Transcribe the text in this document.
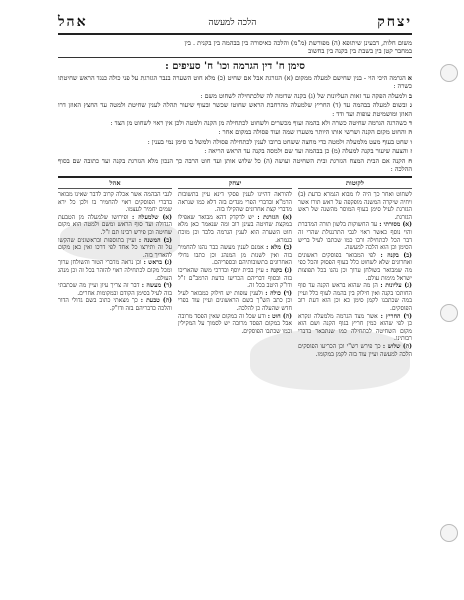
יצחק
הלכה למעשה
אהל
משום חלות, דבעינן שיתופא (ה) מפורשת (מ"מ) והלכה כאיסורה בין בבהמה בין בקנית . בין
במחבר קטן בין בשבת בין בקנה בין בחשוב
סימן ח' דין הגרמה וכו' ח' סעיפים :

א הגרמה היכי הוי - בנין שחישם למעלה ממקום (א) הגזרגת אבל אם שחיט (כ) מלא חוט השערה בנבר הגזרגת על פני כולה כנגד הראש שחיטתו כשרה :

ב ולמעלה הפקה עד זאות העליונות של (ג) בקנה שדומה לה שלכתחילה לשחוט משם :

ג ובשום למעלה בבהמה עד (ד) החריץ שלמעלה מהרחבת הראש שחוטו שכשר ובעוף שיעור תהלה לענין שחיטת ולמטה עד החצץ האוזן דרו האוזן ומושמיטת עופות ועד ודד :

ד כשהרגה הגרמה שחיטה כשרה ולא בהמה ועוף מכשרים ולשחוט לכתחילה מן הקנה ולמטה ולכן אין ראוי לשחוט מן הצד :

ה והחוט מקום הקנה ושרשי אותו היותר משערו שמה ועוד פסולה במקום אחר :

ו שחט בעוף מעט מלמעלה ולמטה כדי מחצה ששחט ברובו לענין לכתחילה פסולה ולמשל בו סימן נמי בענין :

ז והצעה שיעור בקנה למעלה (מ) כן בבהמה ועד שם ולמסה בקנה עד הראש הריאה :

ח הקנה אם הבית המצח הגזרגת ובית השחיטה ועושה (ה) כל שלוש אותן ועד חוט הרבה כך הנכון מלא הגזרגת בקנה ועד כתובה שם בסוף ההלכה :

לקוטות

לשחוט ואחר כך היה לו מבוא הגמרא כדעת (ב) ויחיה שיקרה המשנה מופקפה על ראש תורו אשר הגזרגת לעיל סימן בעוף המוסר מהשנה של ראש הגזרגת.

(א) מסורתי : עד החשוקות בלשון תורה המדברת והוי נוסף כאשר ראוי לגבי התרנגולת שהרי זה דבר הכל לכתחילה ורבו כמו שכתבו לעיל בריש הסימן וכן הוא הלכה למעשה.

(ב) בקנה : לפי המבואר בפוסקים ראשונים ואחרונים שלא לשחוט כלל בעוף הפסוק והכל כפי מה שמבואר בשולחן ערוך וכן נהגו בכל תפוצות ישראל מימות עולם.

(ג) עליונות : הן מה שהוא בראש הקנה עד סוף החותכו בקנה ואין חילוק בין בהמה לעוף כלל ועיין במה שכתבנו לקמן סימן כא וכן הוא דעת רוב הפוסקים.

(ד) החריץ : אשר מצד הגרמה מלמעלה ונקרא כן לפי שהוא כמין חריץ בגוף הקנה ושם הוא מקום השחיטה לכתחילה כמו שנתבאר בדברי רבותינו.

(ה) שלוש : כך פירש רש"י וכן הכריעו הפוסקים הלכה למעשה ועיין עוד בזה לקמן במקומו.

יצחק

להוראה דהיינו לענין פסקי דינא עיין בתשובות הרמ"א ובדברי הפרי מגדים בזה דלא כמו שנראה מדברי קצת אחרונים שהקילו בזה.

(א) הגזרגת : יש לדקדק דהא מבואר שאפילו במקצת שחיטה בעינן רוב ומה שנאמר כאן מלא חוט השערה הוא לענין הגרמה בלבד וכן מוכח בגמרא.

(ב) מלא : אמנם לענין מעשה כבר נהגו להחמיר בזה ואין לשנות מן המנהג וכן כתבו גדולי האחרונים בתשובותיהם ובספריהם.

(ג) בקנה : עיין בבית יוסף ובדרכי משה שהאריכו בזה ובסוף דבריהם הכריעו כדעת הרמב"ם ז"ל ודו"ק היטב בכל זה.

(ד) כולה : ולענין עופות יש חילוק כמבואר לעיל וכן כתב הש"ך בשם הראשונים ועיין עוד בפרי חדש שהעלה כן להלכה.

(ה) חוט : ודע שכל זה במקום שאין הפסד מרובה אבל במקום הפסד מרובה יש לסמוך על המקילין וכמו שכתבו הפוסקים.

אהל

לגבי הבהמה אשר אכלה קרוב לדבר שאינו מבואר בדברי הפוסקים ראוי להחמיר בו ולכן כל ירא שמים יחמיר לעצמו.

(א) שלמעלה : ופירושו שלמעלה מן הטבעת הגדולה ועד סוף הראש ומשם ולמטה הוא מקום שחיטה וכן פירש רבינו תם ז"ל.

(ב) המשנה : ועיין בתוספות ובראשונים שהקשו על זה ותירצו כל אחד לפי דרכו ואין כאן מקום להאריך בזה.

(ג) בראש : וכן נראה מדברי הטור והשולחן ערוך ומכל מקום לכתחילה ראוי להזהר בכל זה וכן מנהג העולם.

(ד) מעשה : דבר זה צריך עיון ועיין מה שכתבתי בזה לעיל בסימן הקודם ובמקומות אחרים.

(ה) טבעת : כך מצאתי כתוב בשם גדולי הדור והלכה כדבריהם בזה ודו"ק.
